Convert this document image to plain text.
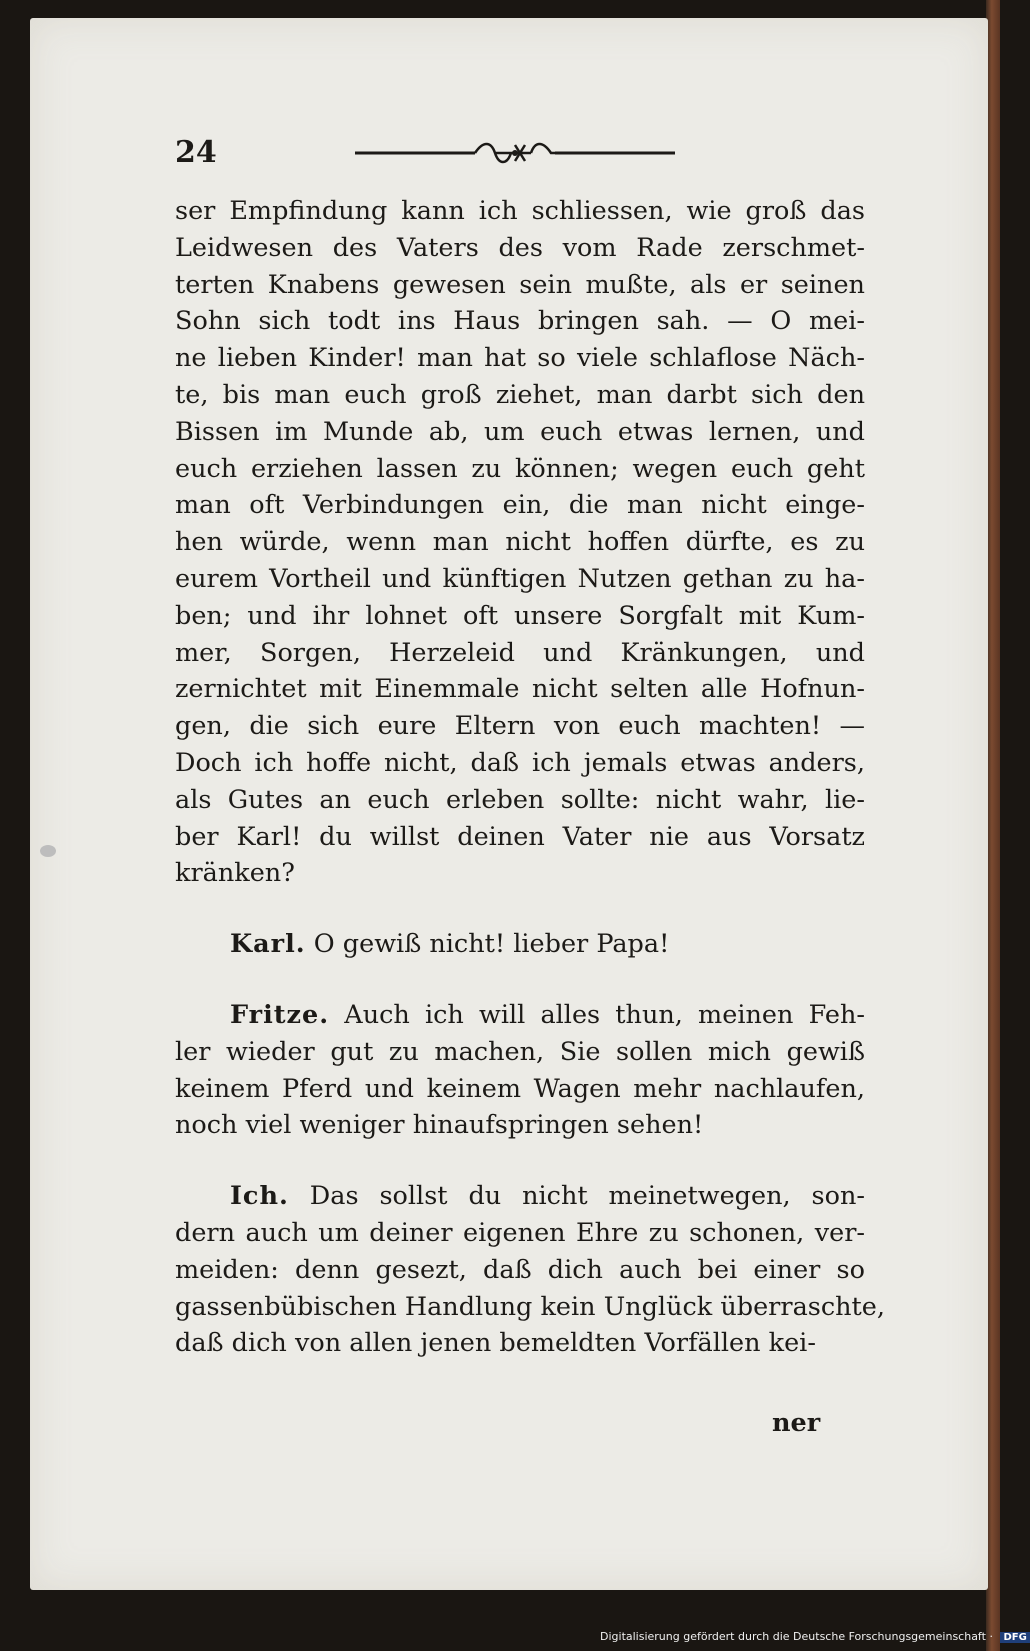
24
ser Empfindung kann ich schliessen, wie groß das
Leidwesen des Vaters des vom Rade zerschmet-
terten Knabens gewesen sein mußte, als er seinen
Sohn sich todt ins Haus bringen sah. — O mei-
ne lieben Kinder! man hat so viele schlaflose Näch-
te, bis man euch groß ziehet, man darbt sich den
Bissen im Munde ab, um euch etwas lernen, und
euch erziehen lassen zu können; wegen euch geht
man oft Verbindungen ein, die man nicht einge-
hen würde, wenn man nicht hoffen dürfte, es zu
eurem Vortheil und künftigen Nutzen gethan zu ha-
ben; und ihr lohnet oft unsere Sorgfalt mit Kum-
mer, Sorgen, Herzeleid und Kränkungen, und
zernichtet mit Einemmale nicht selten alle Hofnun-
gen, die sich eure Eltern von euch machten! —
Doch ich hoffe nicht, daß ich jemals etwas anders,
als Gutes an euch erleben sollte: nicht wahr, lie-
ber Karl! du willst deinen Vater nie aus Vorsatz
kränken?
Karl. O gewiß nicht! lieber Papa!
Fritze. Auch ich will alles thun, meinen Feh-
ler wieder gut zu machen, Sie sollen mich gewiß
keinem Pferd und keinem Wagen mehr nachlaufen,
noch viel weniger hinaufspringen sehen!
Ich. Das sollst du nicht meinetwegen, son-
dern auch um deiner eigenen Ehre zu schonen, ver-
meiden: denn gesezt, daß dich auch bei einer so
gassenbübischen Handlung kein Unglück überraschte,
daß dich von allen jenen bemeldten Vorfällen kei-
ner
Digitalisierung gefördert durch die Deutsche Forschungsgemeinschaft · DFG
